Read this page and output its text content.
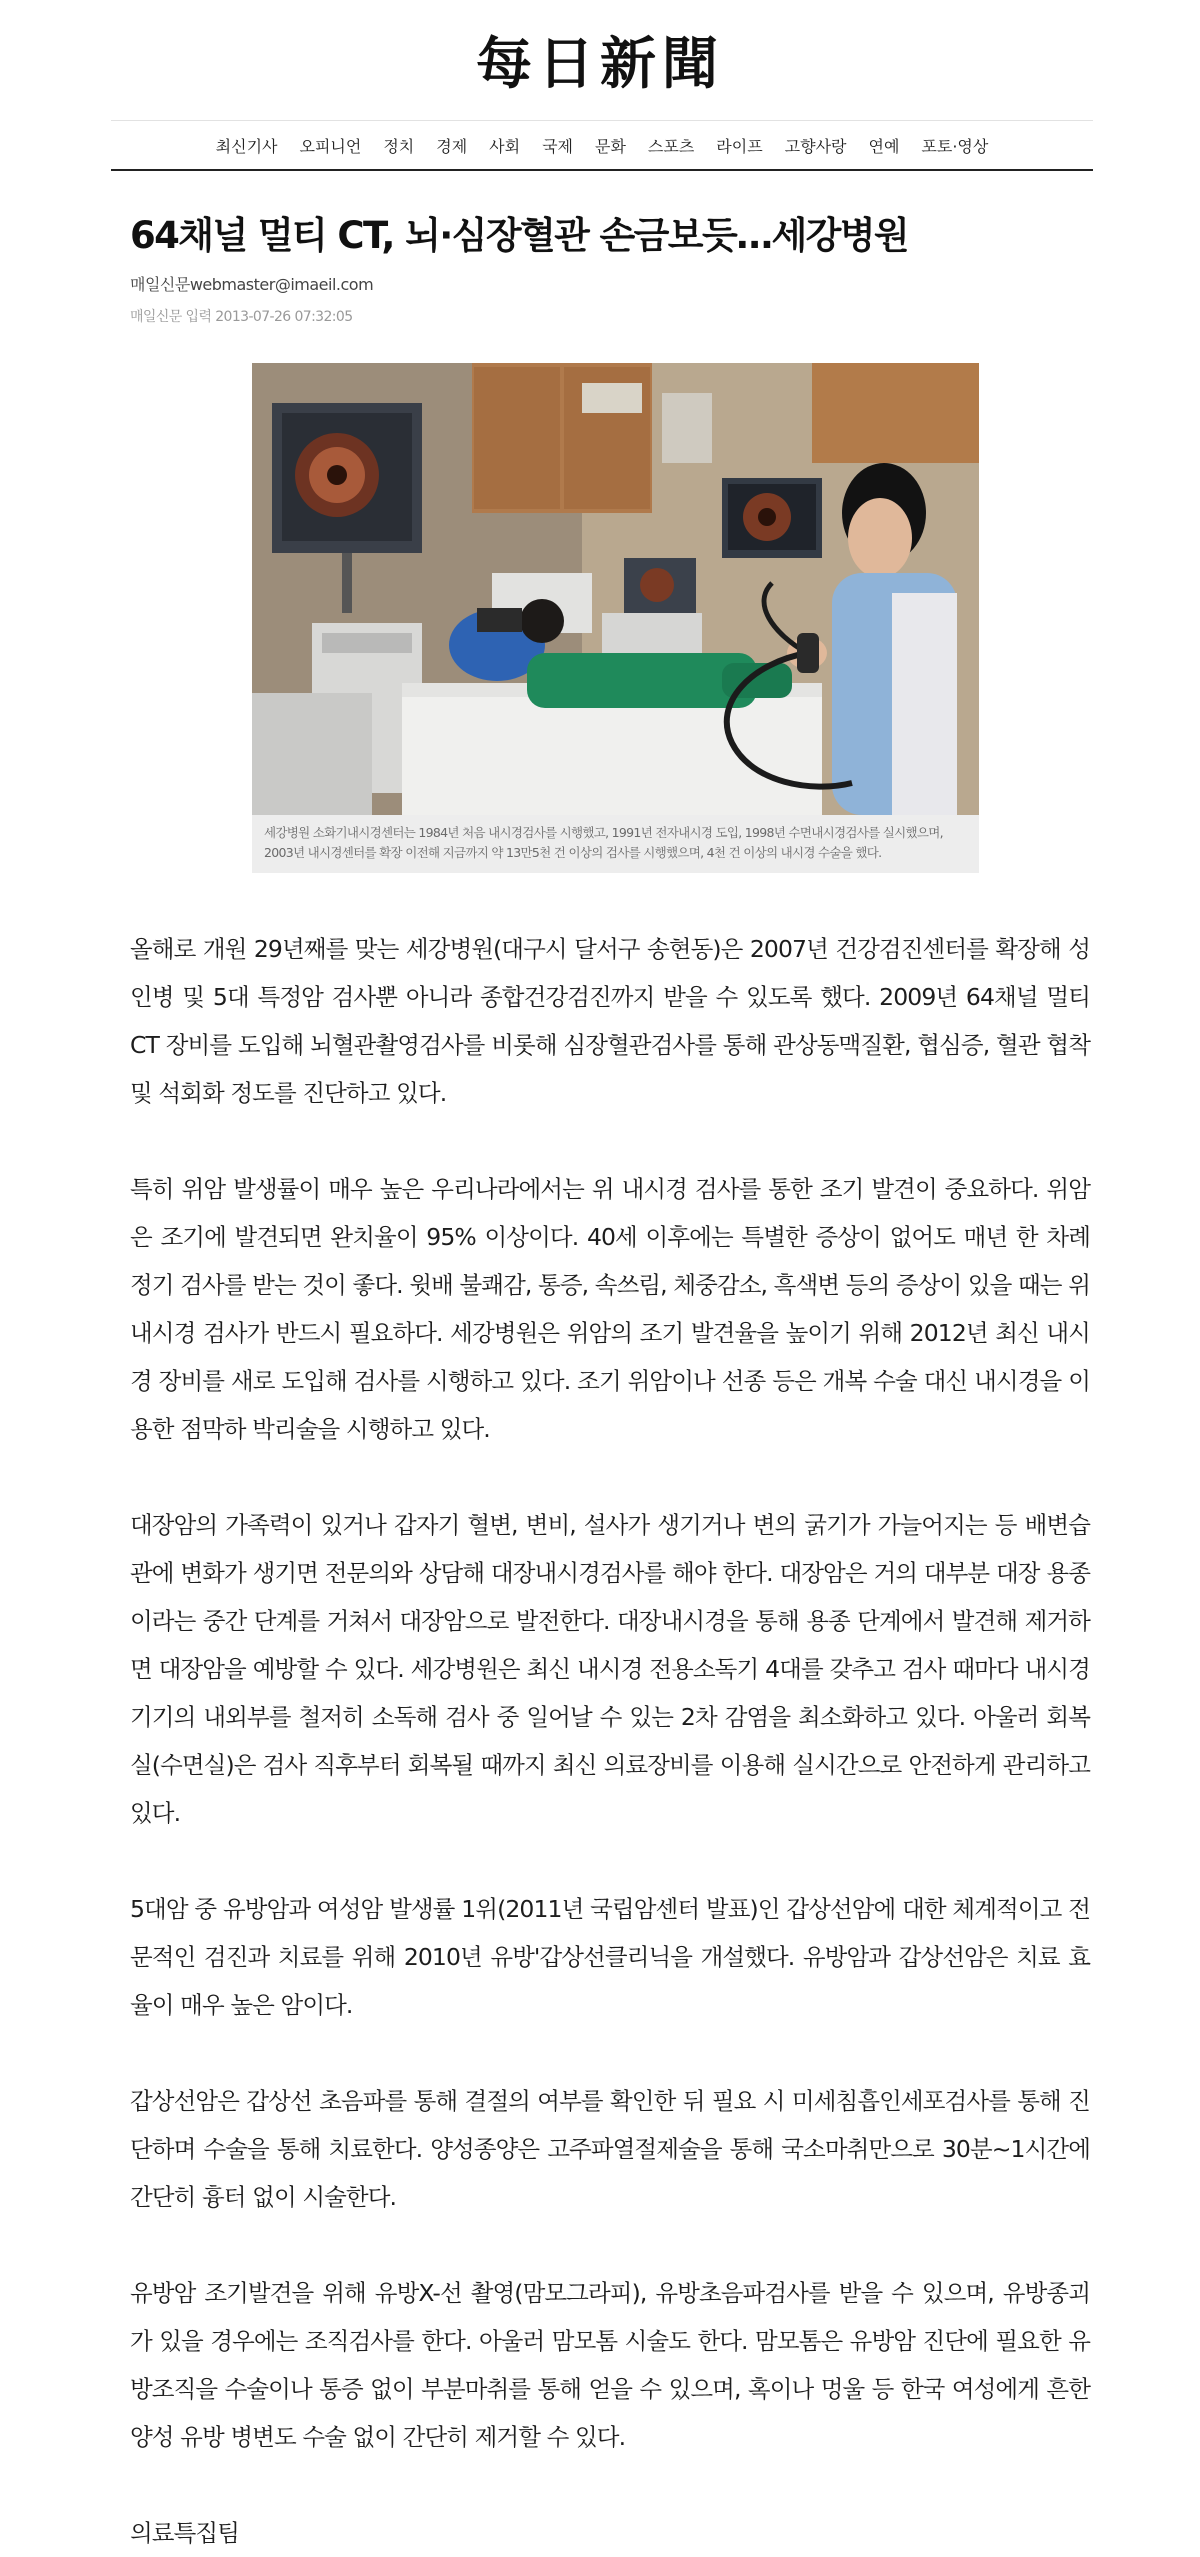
每日新聞
최신기사	오피니언	정치	경제	사회	국제	문화	스포츠	라이프	고향사랑	연예	포토·영상
64채널 멀티 CT, 뇌·심장혈관 손금보듯…세강병원
매일신문webmaster@imaeil.com
매일신문 입력 2013-07-26 07:32:05
세강병원 소화기내시경센터는 1984년 처음 내시경검사를 시행했고, 1991년 전자내시경 도입, 1998년 수면내시경검사를 실시했으며, 2003년 내시경센터를 확장 이전해 지금까지 약 13만5천 건 이상의 검사를 시행했으며, 4천 건 이상의 내시경 수술을 했다.

올해로 개원 29년째를 맞는 세강병원(대구시 달서구 송현동)은 2007년 건강검진센터를 확장해 성인병 및 5대 특정암 검사뿐 아니라 종합건강검진까지 받을 수 있도록 했다. 2009년 64채널 멀티 CT 장비를 도입해 뇌혈관촬영검사를 비롯해 심장혈관검사를 통해 관상동맥질환, 협심증, 혈관 협착 및 석회화 정도를 진단하고 있다.

특히 위암 발생률이 매우 높은 우리나라에서는 위 내시경 검사를 통한 조기 발견이 중요하다. 위암은 조기에 발견되면 완치율이 95% 이상이다. 40세 이후에는 특별한 증상이 없어도 매년 한 차례 정기 검사를 받는 것이 좋다. 윗배 불쾌감, 통증, 속쓰림, 체중감소, 흑색변 등의 증상이 있을 때는 위 내시경 검사가 반드시 필요하다. 세강병원은 위암의 조기 발견율을 높이기 위해 2012년 최신 내시경 장비를 새로 도입해 검사를 시행하고 있다. 조기 위암이나 선종 등은 개복 수술 대신 내시경을 이용한 점막하 박리술을 시행하고 있다.

대장암의 가족력이 있거나 갑자기 혈변, 변비, 설사가 생기거나 변의 굵기가 가늘어지는 등 배변습관에 변화가 생기면 전문의와 상담해 대장내시경검사를 해야 한다. 대장암은 거의 대부분 대장 용종이라는 중간 단계를 거쳐서 대장암으로 발전한다. 대장내시경을 통해 용종 단계에서 발견해 제거하면 대장암을 예방할 수 있다. 세강병원은 최신 내시경 전용소독기 4대를 갖추고 검사 때마다 내시경기기의 내외부를 철저히 소독해 검사 중 일어날 수 있는 2차 감염을 최소화하고 있다. 아울러 회복실(수면실)은 검사 직후부터 회복될 때까지 최신 의료장비를 이용해 실시간으로 안전하게 관리하고 있다.

5대암 중 유방암과 여성암 발생률 1위(2011년 국립암센터 발표)인 갑상선암에 대한 체계적이고 전문적인 검진과 치료를 위해 2010년 유방'갑상선클리닉을 개설했다. 유방암과 갑상선암은 치료 효율이 매우 높은 암이다.

갑상선암은 갑상선 초음파를 통해 결절의 여부를 확인한 뒤 필요 시 미세침흡인세포검사를 통해 진단하며 수술을 통해 치료한다. 양성종양은 고주파열절제술을 통해 국소마취만으로 30분~1시간에 간단히 흉터 없이 시술한다.

유방암 조기발견을 위해 유방X-선 촬영(맘모그라피), 유방초음파검사를 받을 수 있으며, 유방종괴가 있을 경우에는 조직검사를 한다. 아울러 맘모톰 시술도 한다. 맘모톰은 유방암 진단에 필요한 유방조직을 수술이나 통증 없이 부분마취를 통해 얻을 수 있으며, 혹이나 멍울 등 한국 여성에게 흔한 양성 유방 병변도 수술 없이 간단히 제거할 수 있다.

의료특집팀
